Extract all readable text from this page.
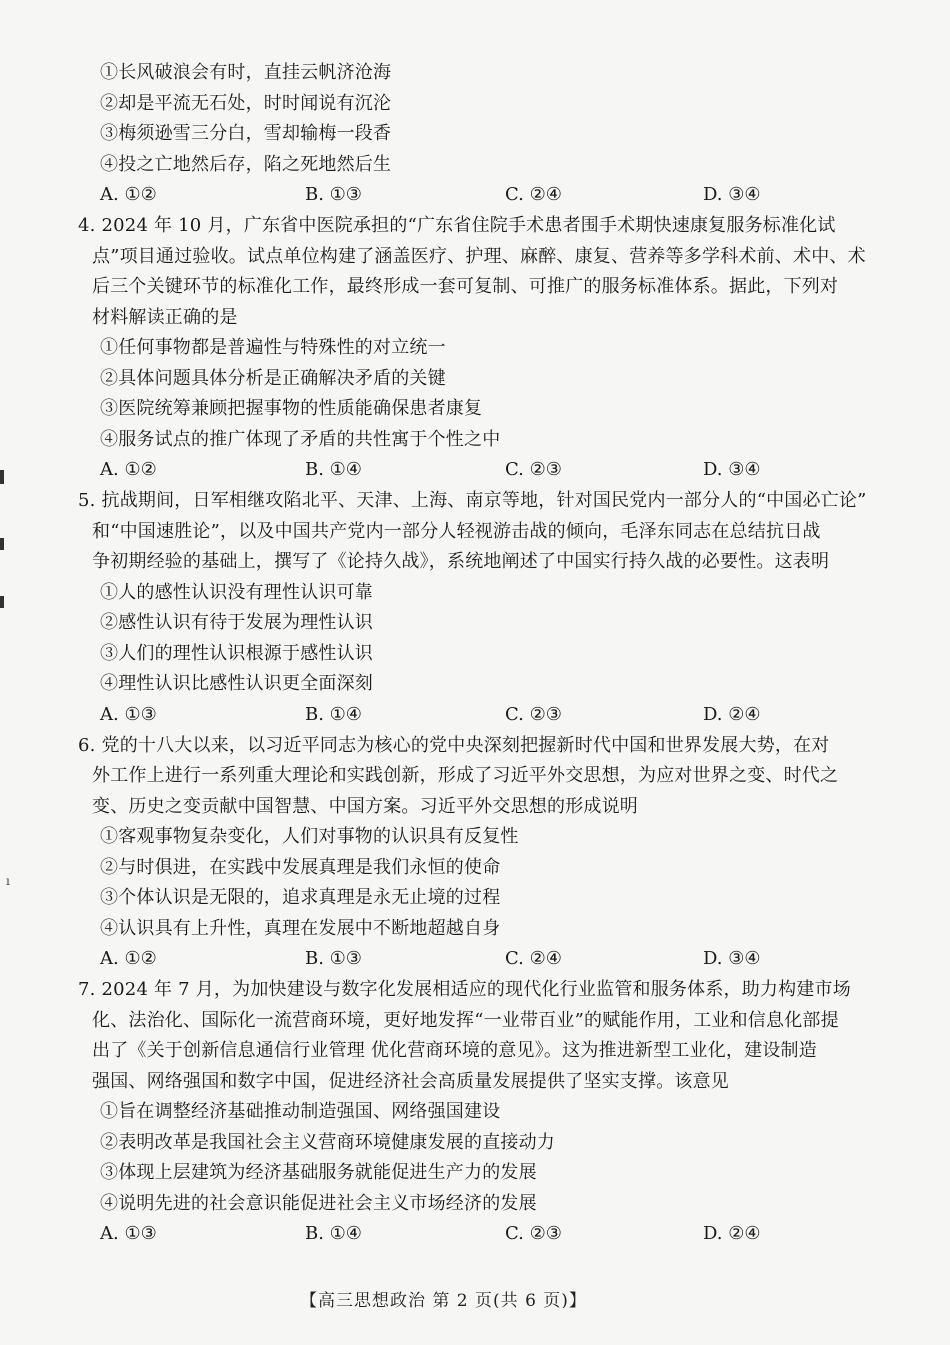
ı
①长风破浪会有时，直挂云帆济沧海
②却是平流无石处，时时闻说有沉沦
③梅须逊雪三分白，雪却输梅一段香
④投之亡地然后存，陷之死地然后生
A. ①②	B. ①③	C. ②④	D. ③④
4. 2024 年 10 月，广东省中医院承担的“广东省住院手术患者围手术期快速康复服务标准化试
点”项目通过验收。试点单位构建了涵盖医疗、护理、麻醉、康复、营养等多学科术前、术中、术
后三个关键环节的标准化工作，最终形成一套可复制、可推广的服务标准体系。据此，下列对
材料解读正确的是
①任何事物都是普遍性与特殊性的对立统一
②具体问题具体分析是正确解决矛盾的关键
③医院统筹兼顾把握事物的性质能确保患者康复
④服务试点的推广体现了矛盾的共性寓于个性之中
A. ①②	B. ①④	C. ②③	D. ③④
5. 抗战期间，日军相继攻陷北平、天津、上海、南京等地，针对国民党内一部分人的“中国必亡论”
和“中国速胜论”，以及中国共产党内一部分人轻视游击战的倾向，毛泽东同志在总结抗日战
争初期经验的基础上，撰写了《论持久战》，系统地阐述了中国实行持久战的必要性。这表明
①人的感性认识没有理性认识可靠
②感性认识有待于发展为理性认识
③人们的理性认识根源于感性认识
④理性认识比感性认识更全面深刻
A. ①③	B. ①④	C. ②③	D. ②④
6. 党的十八大以来，以习近平同志为核心的党中央深刻把握新时代中国和世界发展大势，在对
外工作上进行一系列重大理论和实践创新，形成了习近平外交思想，为应对世界之变、时代之
变、历史之变贡献中国智慧、中国方案。习近平外交思想的形成说明
①客观事物复杂变化，人们对事物的认识具有反复性
②与时俱进，在实践中发展真理是我们永恒的使命
③个体认识是无限的，追求真理是永无止境的过程
④认识具有上升性，真理在发展中不断地超越自身
A. ①②	B. ①③	C. ②④	D. ③④
7. 2024 年 7 月，为加快建设与数字化发展相适应的现代化行业监管和服务体系，助力构建市场
化、法治化、国际化一流营商环境，更好地发挥“一业带百业”的赋能作用，工业和信息化部提
出了《关于创新信息通信行业管理 优化营商环境的意见》。这为推进新型工业化，建设制造
强国、网络强国和数字中国，促进经济社会高质量发展提供了坚实支撑。该意见
①旨在调整经济基础推动制造强国、网络强国建设
②表明改革是我国社会主义营商环境健康发展的直接动力
③体现上层建筑为经济基础服务就能促进生产力的发展
④说明先进的社会意识能促进社会主义市场经济的发展
A. ①③	B. ①④	C. ②③	D. ②④
【高三思想政治 第 2 页(共 6 页)】
